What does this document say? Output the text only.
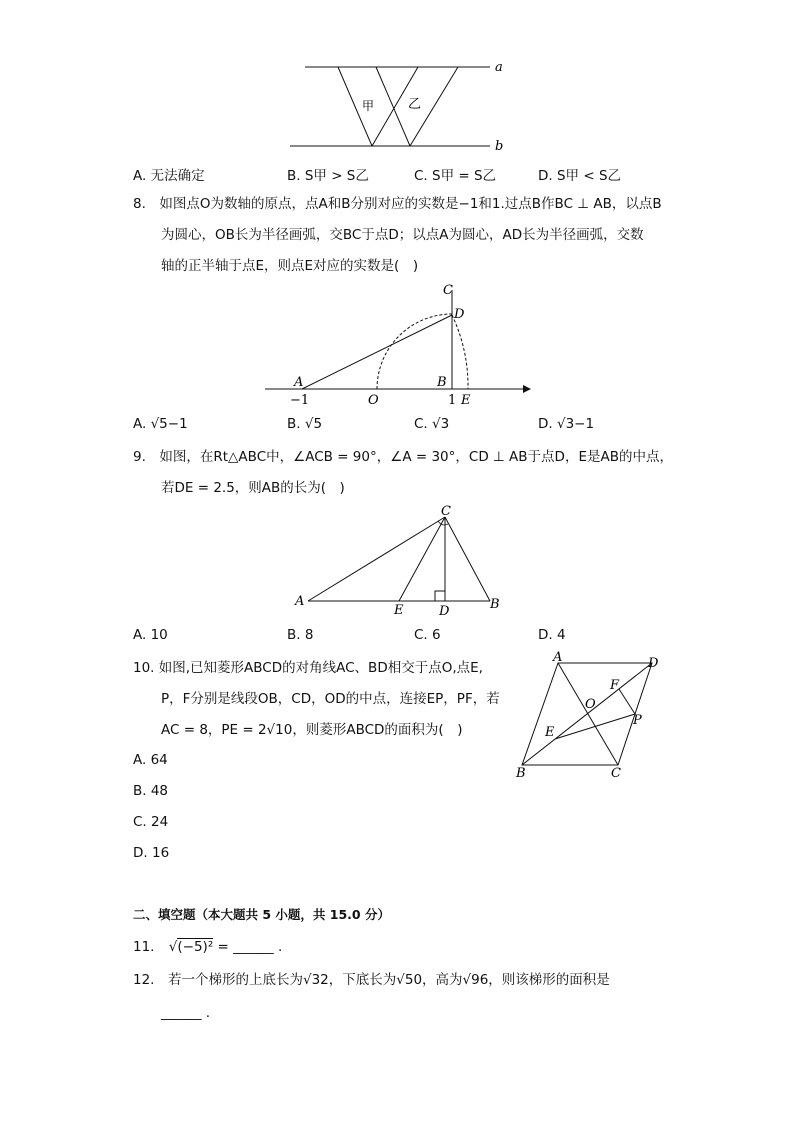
a
b
甲	乙
A. 无法确定	B. S甲 > S乙	C. S甲 = S乙	D. S甲 < S乙
8.　如图点O为数轴的原点，点A和B分别对应的实数是−1和1.过点B作BC ⊥ AB，以点B
为圆心，OB长为半径画弧，交BC于点D；以点A为圆心，AD长为半径画弧，交数
轴的正半轴于点E，则点E对应的实数是(　)
C
D
A	B
−1	O	1 E
A. √5−1	B. √5	C. √3	D. √3−1
9.　如图，在Rt△ABC中，∠ACB = 90°，∠A = 30°，CD ⊥ AB于点D，E是AB的中点，
若DE = 2.5，则AB的长为(　)
C
A
E	D	B
A. 10	B. 8	C. 6	D. 4
10. 如图,已知菱形ABCD的对角线AC、BD相交于点O,点E,
P，F分别是线段OB，CD，OD的中点，连接EP，PF，若
AC = 8，PE = 2√10，则菱形ABCD的面积为(　)
A	D
F
O
P
E
B	C
A. 64
B. 48
C. 24
D. 16
二、填空题（本大题共 5 小题，共 15.0 分）
11. √(−5)² = ______ .
12.　若一个梯形的上底长为√32，下底长为√50，高为√96，则该梯形的面积是
______ .
